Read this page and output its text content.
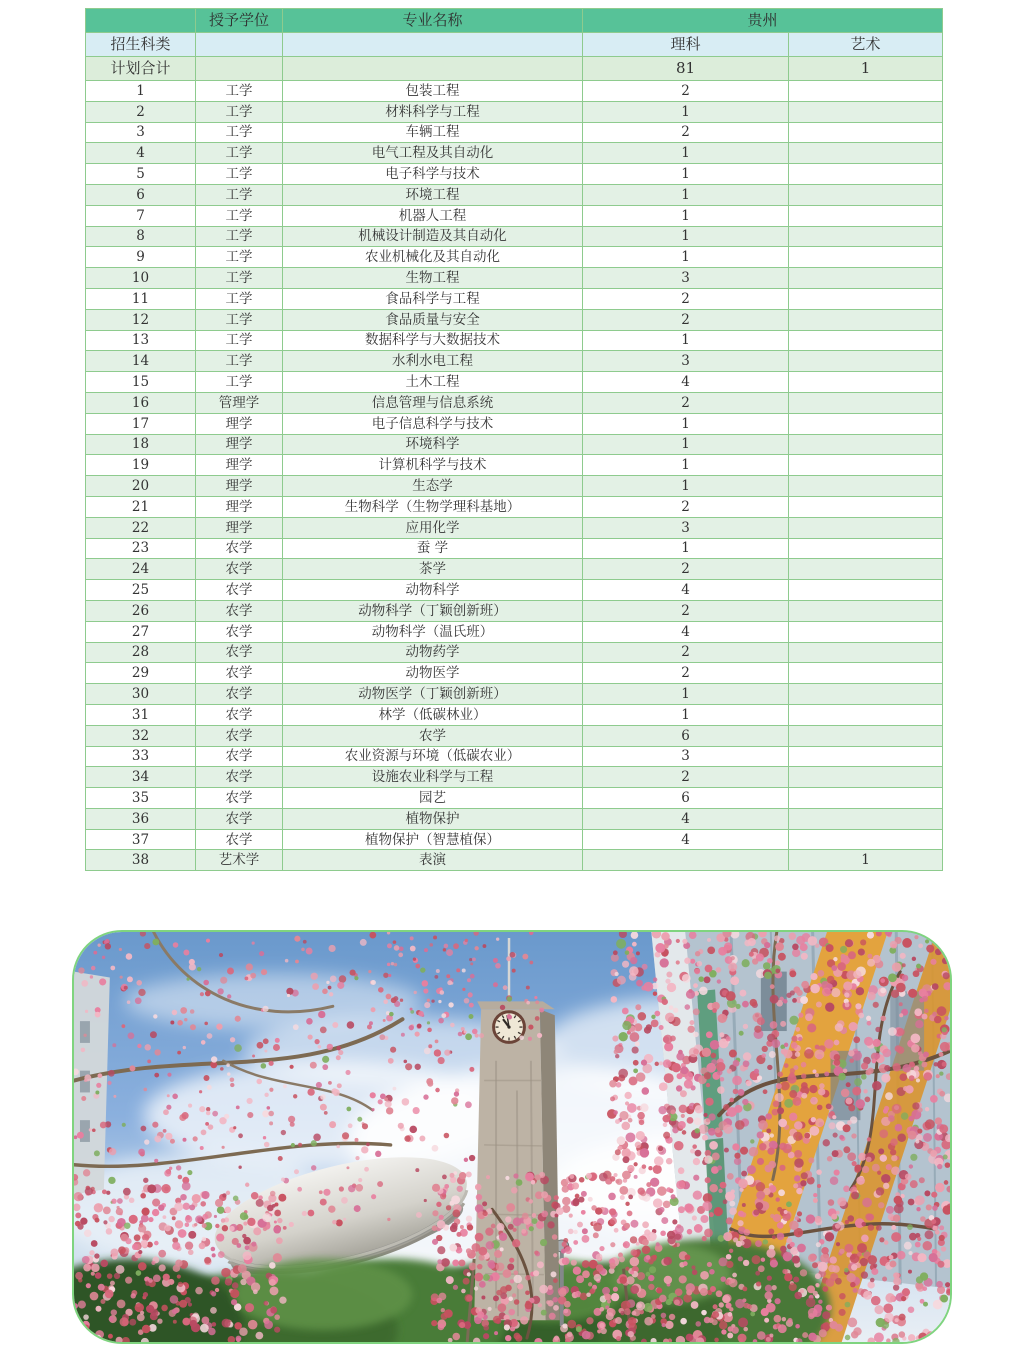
	授予学位	专业名称	贵州	
招生科类			理科	艺术
计划合计			81	1
1	工学	包装工程	2	
2	工学	材料科学与工程	1	
3	工学	车辆工程	2	
4	工学	电气工程及其自动化	1	
5	工学	电子科学与技术	1	
6	工学	环境工程	1	
7	工学	机器人工程	1	
8	工学	机械设计制造及其自动化	1	
9	工学	农业机械化及其自动化	1	
10	工学	生物工程	3	
11	工学	食品科学与工程	2	
12	工学	食品质量与安全	2	
13	工学	数据科学与大数据技术	1	
14	工学	水利水电工程	3	
15	工学	土木工程	4	
16	管理学	信息管理与信息系统	2	
17	理学	电子信息科学与技术	1	
18	理学	环境科学	1	
19	理学	计算机科学与技术	1	
20	理学	生态学	1	
21	理学	生物科学（生物学理科基地）	2	
22	理学	应用化学	3	
23	农学	蚕 学	1	
24	农学	茶学	2	
25	农学	动物科学	4	
26	农学	动物科学（丁颖创新班）	2	
27	农学	动物科学（温氏班）	4	
28	农学	动物药学	2	
29	农学	动物医学	2	
30	农学	动物医学（丁颖创新班）	1	
31	农学	林学（低碳林业）	1	
32	农学	农学	6	
33	农学	农业资源与环境（低碳农业）	3	
34	农学	设施农业科学与工程	2	
35	农学	园艺	6	
36	农学	植物保护	4	
37	农学	植物保护（智慧植保）	4	
38	艺术学	表演		1
